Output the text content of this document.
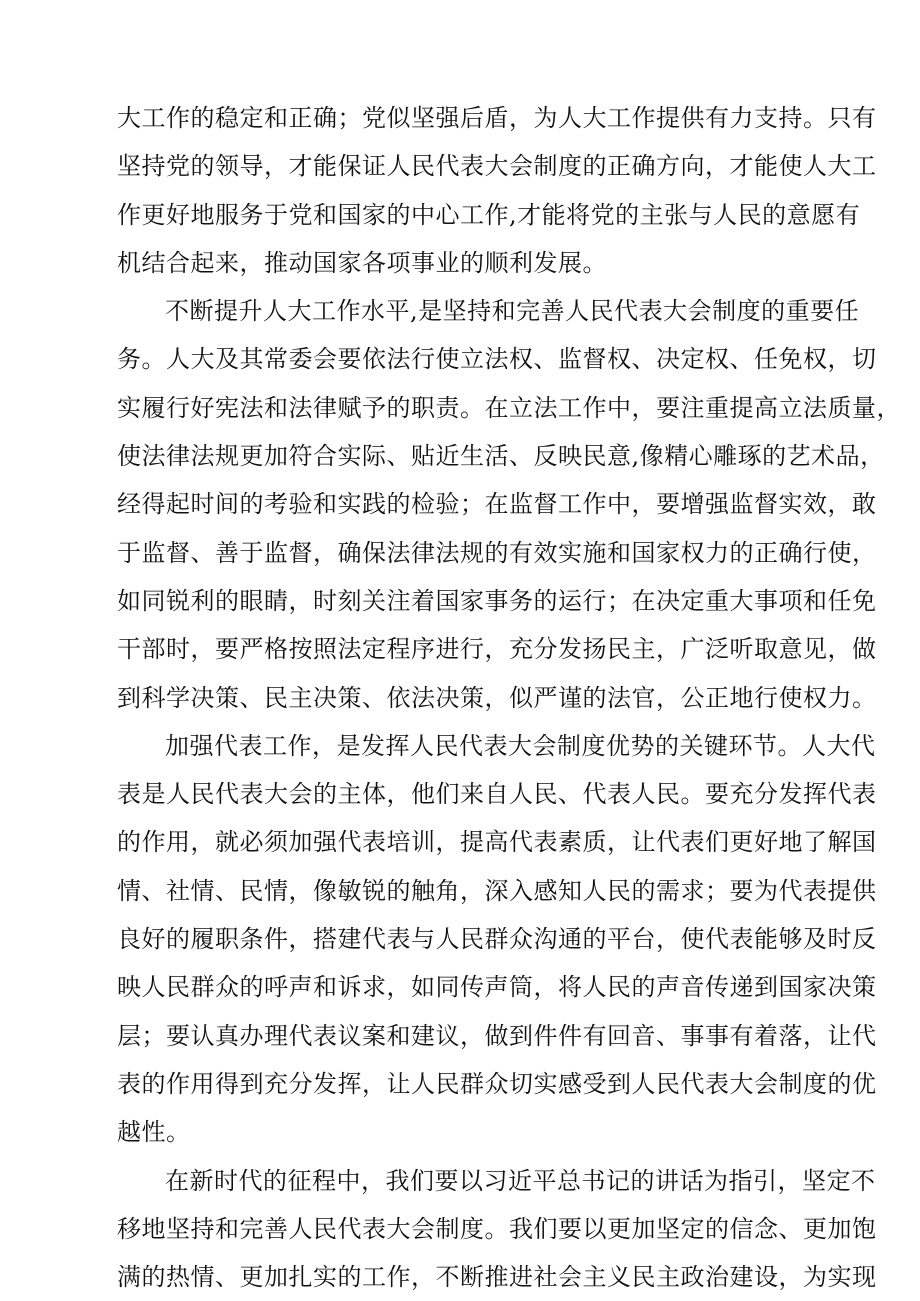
大工作的稳定和正确；党似坚强后盾，为人大工作提供有力支持。只有
坚持党的领导，才能保证人民代表大会制度的正确方向，才能使人大工
作更好地服务于党和国家的中心工作,才能将党的主张与人民的意愿有
机结合起来，推动国家各项事业的顺利发展。
不断提升人大工作水平,是坚持和完善人民代表大会制度的重要任
务。人大及其常委会要依法行使立法权、监督权、决定权、任免权，切
实履行好宪法和法律赋予的职责。在立法工作中，要注重提高立法质量，
使法律法规更加符合实际、贴近生活、反映民意,像精心雕琢的艺术品，
经得起时间的考验和实践的检验；在监督工作中，要增强监督实效，敢
于监督、善于监督，确保法律法规的有效实施和国家权力的正确行使，
如同锐利的眼睛，时刻关注着国家事务的运行；在决定重大事项和任免
干部时，要严格按照法定程序进行，充分发扬民主，广泛听取意见，做
到科学决策、民主决策、依法决策，似严谨的法官，公正地行使权力。
加强代表工作，是发挥人民代表大会制度优势的关键环节。人大代
表是人民代表大会的主体，他们来自人民、代表人民。要充分发挥代表
的作用，就必须加强代表培训，提高代表素质，让代表们更好地了解国
情、社情、民情，像敏锐的触角，深入感知人民的需求；要为代表提供
良好的履职条件，搭建代表与人民群众沟通的平台，使代表能够及时反
映人民群众的呼声和诉求，如同传声筒，将人民的声音传递到国家决策
层；要认真办理代表议案和建议，做到件件有回音、事事有着落，让代
表的作用得到充分发挥，让人民群众切实感受到人民代表大会制度的优
越性。
在新时代的征程中，我们要以习近平总书记的讲话为指引，坚定不
移地坚持和完善人民代表大会制度。我们要以更加坚定的信念、更加饱
满的热情、更加扎实的工作，不断推进社会主义民主政治建设，为实现
